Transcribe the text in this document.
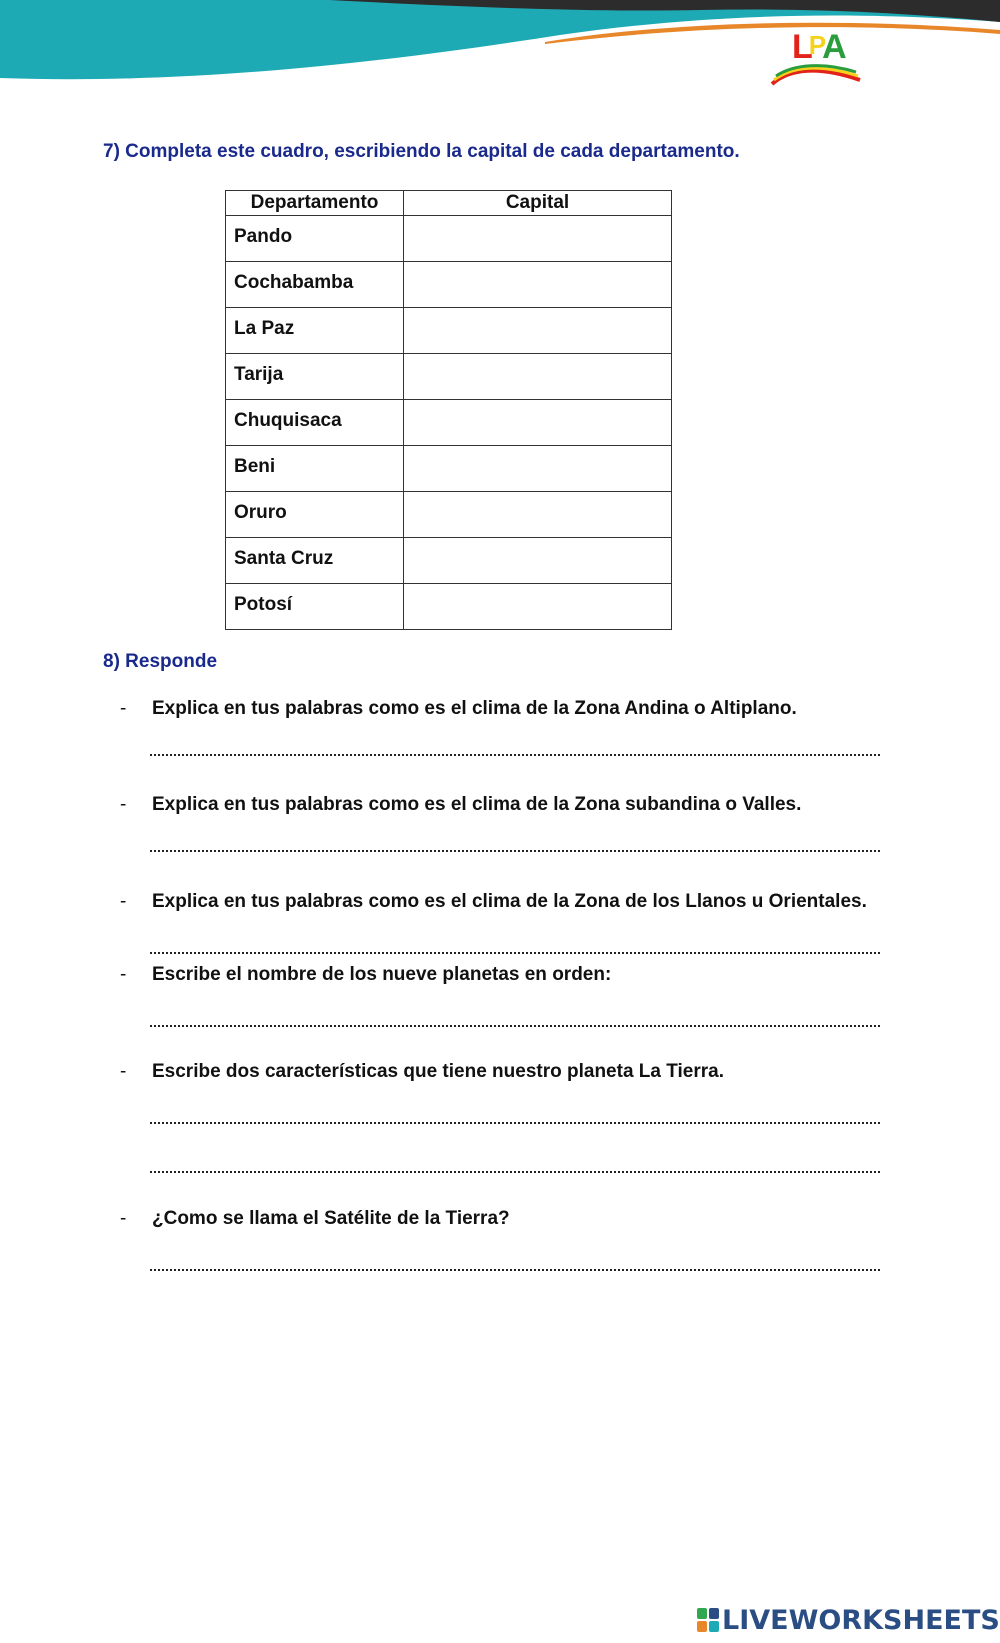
LPA
7) Completa este cuadro, escribiendo la capital de cada departamento.
Departamento	Capital
Pando	
Cochabamba	
La Paz	
Tarija	
Chuquisaca	
Beni	
Oruro	
Santa Cruz	
Potosí	
8) Responde
- Explica en tus palabras como es el clima de la Zona Andina o Altiplano.
- Explica en tus palabras como es el clima de la Zona subandina o Valles.
- Explica en tus palabras como es el clima de la Zona de los Llanos u Orientales.
- Escribe el nombre de los nueve planetas en orden:
- Escribe dos características que tiene nuestro planeta La Tierra.
- ¿Como se llama el Satélite de la Tierra?
LIVEWORKSHEETS
